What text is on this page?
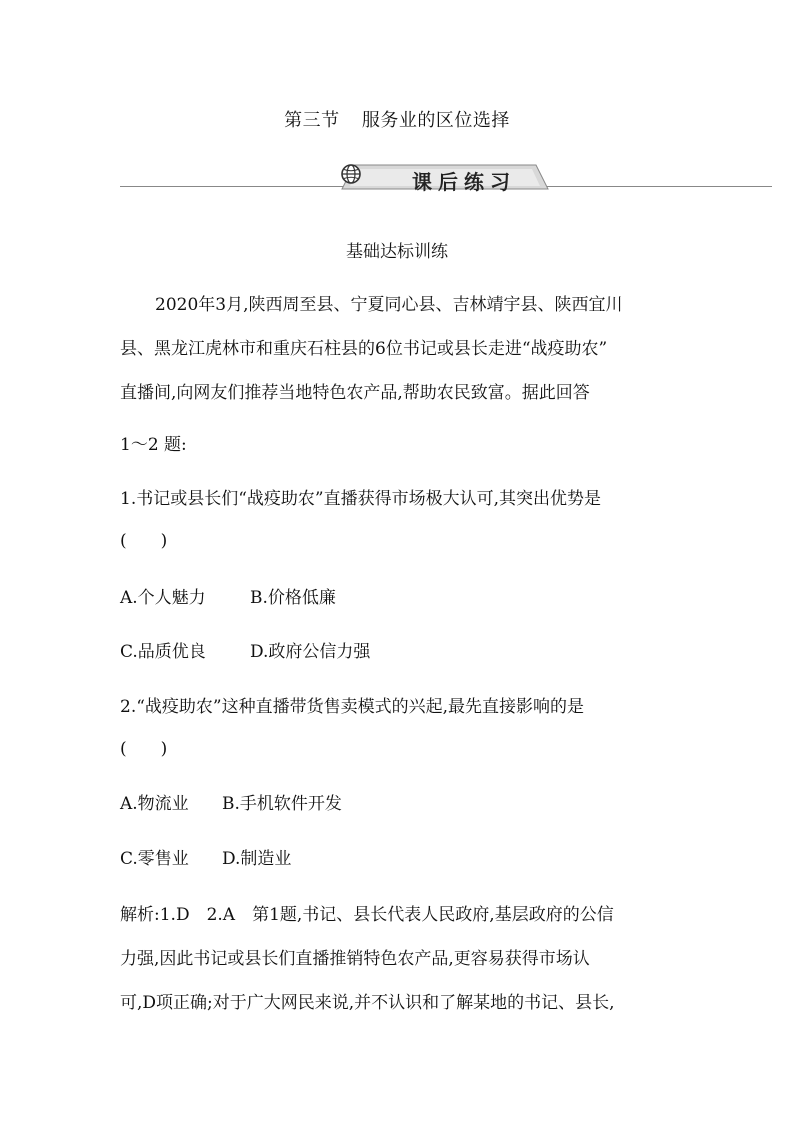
第三节 服务业的区位选择
课后练习
基础达标训练
2020年3月,陕西周至县、宁夏同心县、吉林靖宇县、陕西宜川
县、黑龙江虎林市和重庆石柱县的6位书记或县长走进“战疫助农”
直播间,向网友们推荐当地特色农产品,帮助农民致富。据此回答
1～2 题:
1.书记或县长们“战疫助农”直播获得市场极大认可,其突出优势是
(　　)
A.个人魅力	B.价格低廉
C.品质优良	D.政府公信力强
2.“战疫助农”这种直播带货售卖模式的兴起,最先直接影响的是
(　　)
A.物流业 B.手机软件开发
C.零售业 D.制造业
解析:1.D　2.A　第1题,书记、县长代表人民政府,基层政府的公信
力强,因此书记或县长们直播推销特色农产品,更容易获得市场认
可,D项正确;对于广大网民来说,并不认识和了解某地的书记、县长,
